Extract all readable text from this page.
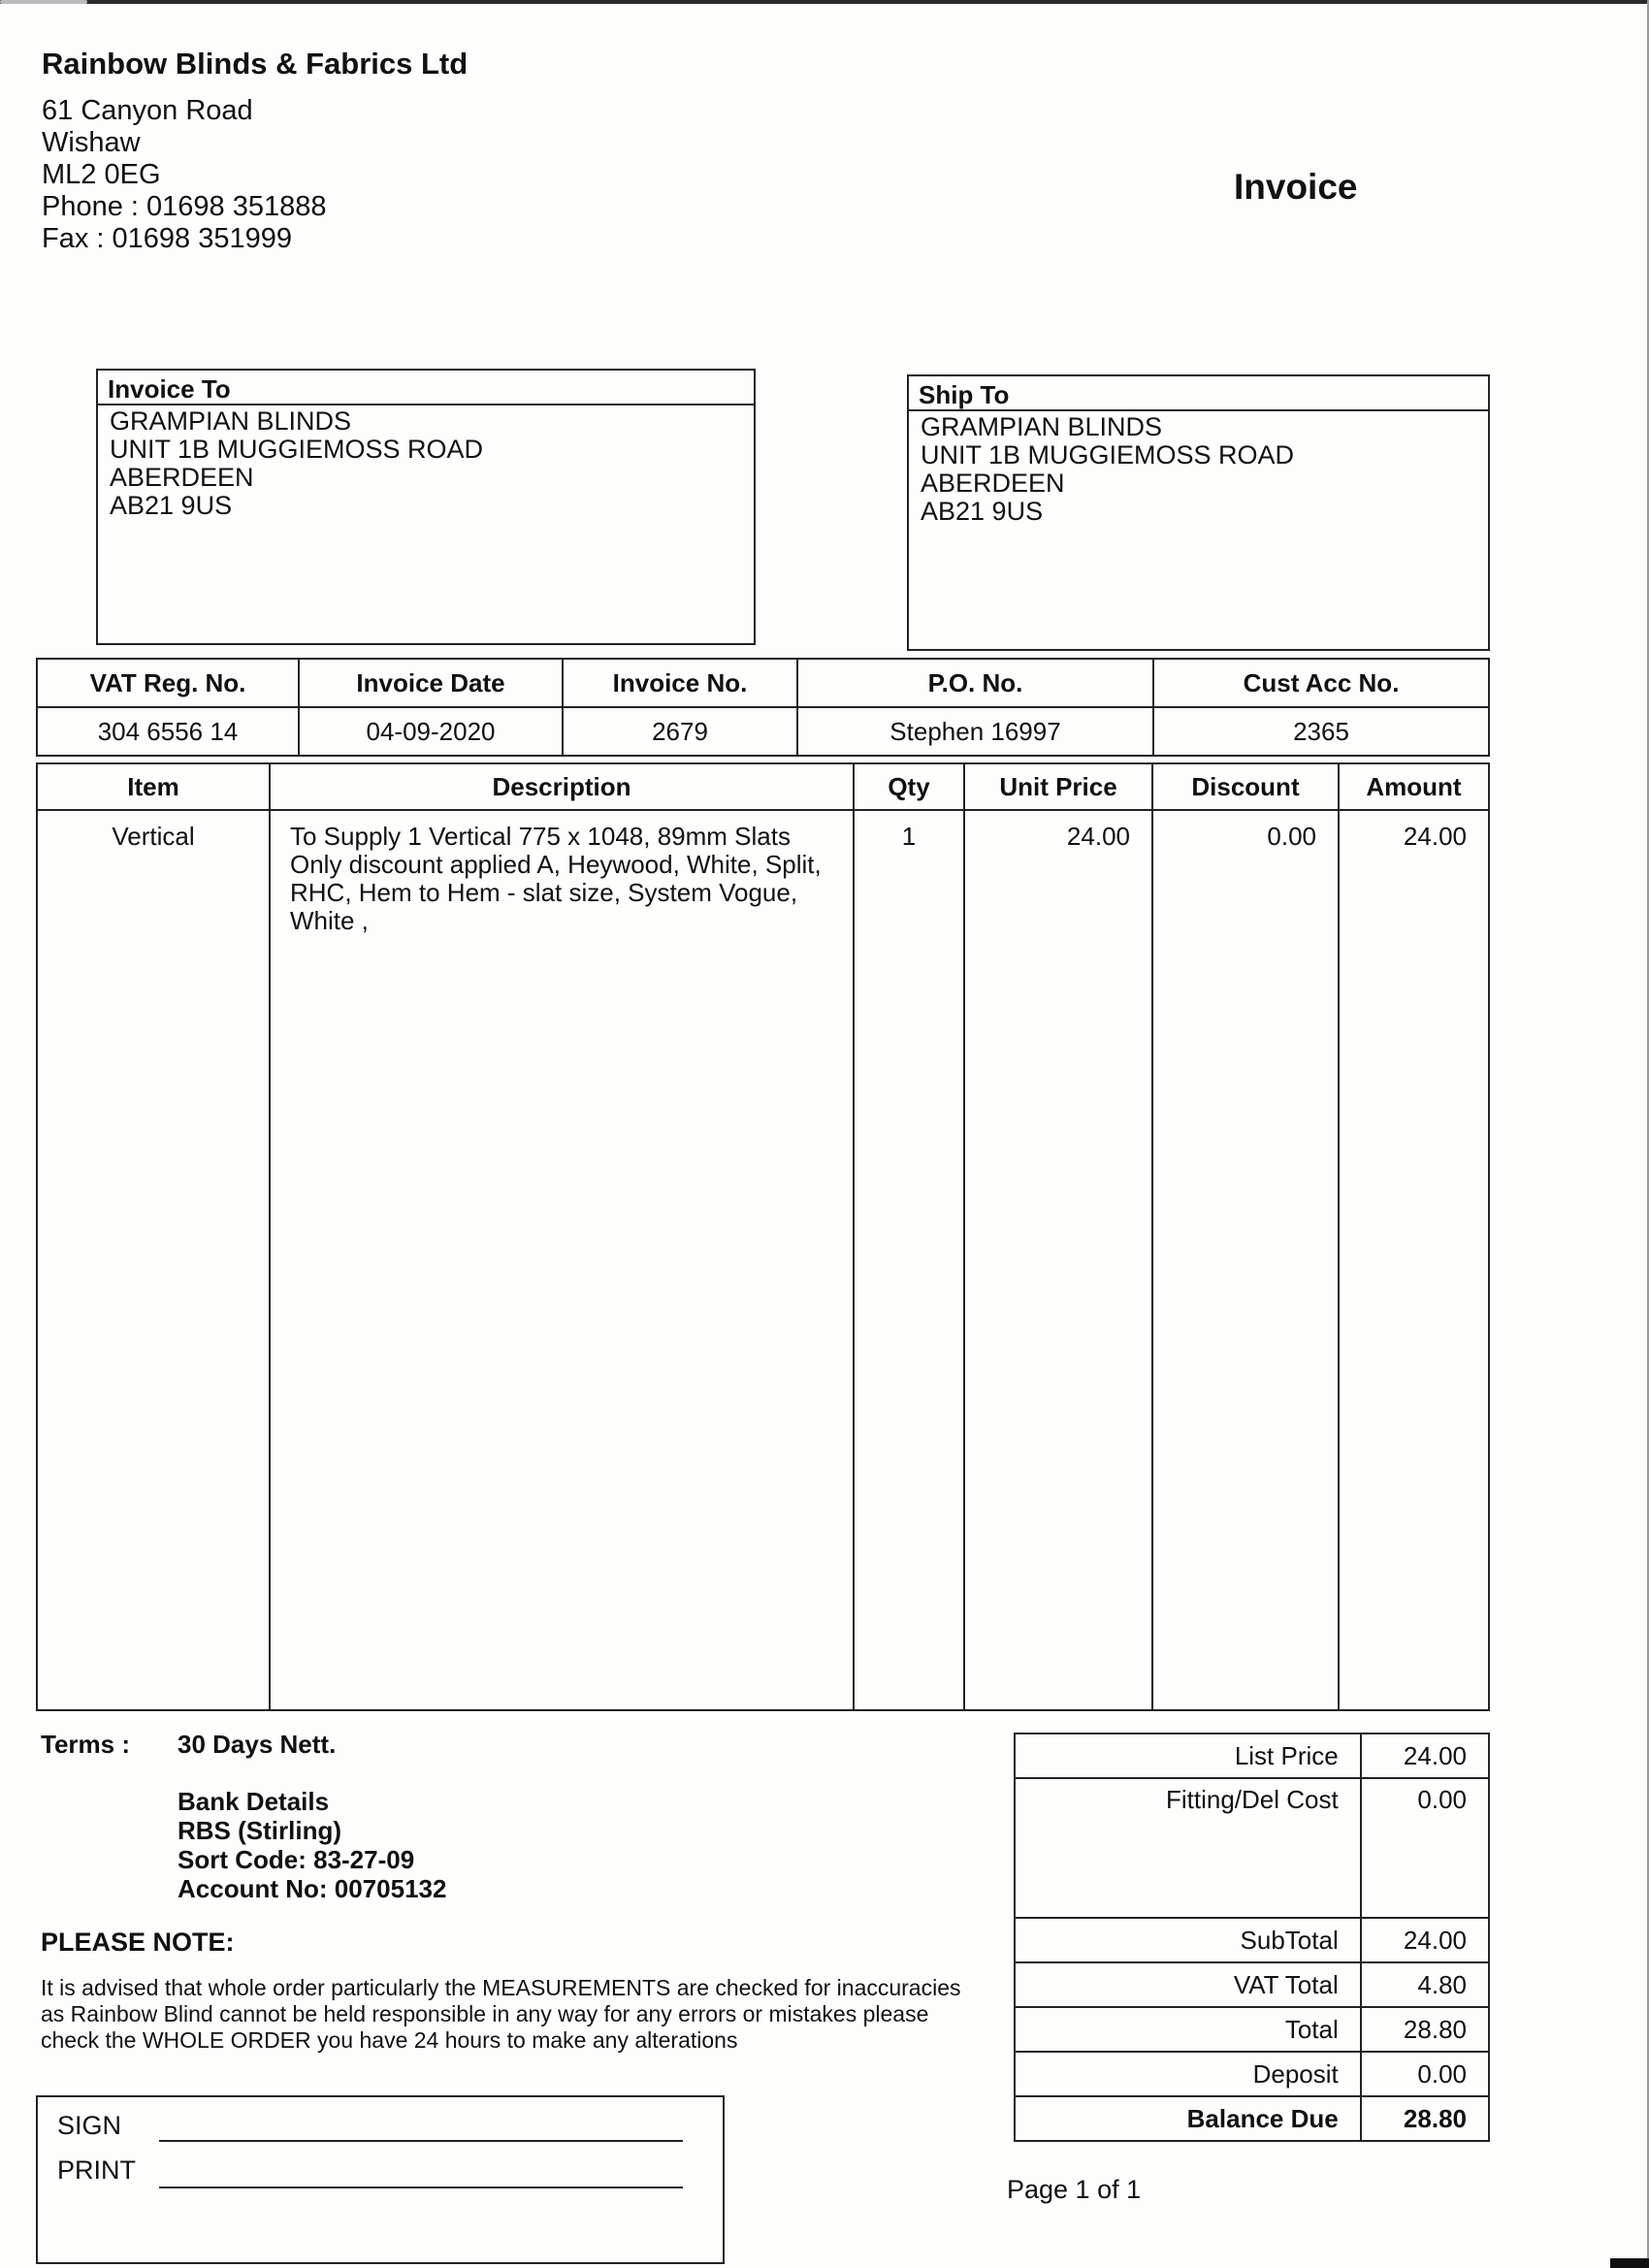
Rainbow Blinds & Fabrics Ltd
61 Canyon Road
Wishaw
ML2 0EG
Phone : 01698 351888
Fax : 01698 351999
Invoice
Invoice To
GRAMPIAN BLINDS
UNIT 1B MUGGIEMOSS ROAD
ABERDEEN
AB21 9US
Ship To
GRAMPIAN BLINDS
UNIT 1B MUGGIEMOSS ROAD
ABERDEEN
AB21 9US
VAT Reg. No.	Invoice Date	Invoice No.	P.O. No.	Cust Acc No.
304 6556 14	04-09-2020	2679	Stephen 16997	2365
Item	Description	Qty	Unit Price	Discount	Amount
Vertical	To Supply 1 Vertical 775 x 1048, 89mm Slats Only discount applied A, Heywood, White, Split, RHC, Hem to Hem - slat size, System Vogue, White ,	1	24.00	0.00	24.00
Terms : 30 Days Nett.
Bank Details
RBS (Stirling)
Sort Code: 83-27-09
Account No: 00705132
PLEASE NOTE:
It is advised that whole order particularly the MEASUREMENTS are checked for inaccuracies as Rainbow Blind cannot be held responsible in any way for any errors or mistakes please check the WHOLE ORDER you have 24 hours to make any alterations
List Price	24.00
Fitting/Del Cost	0.00
SubTotal	24.00
VAT Total	4.80
Total	28.80
Deposit	0.00
Balance Due	28.80
SIGN
PRINT
Page 1 of 1
